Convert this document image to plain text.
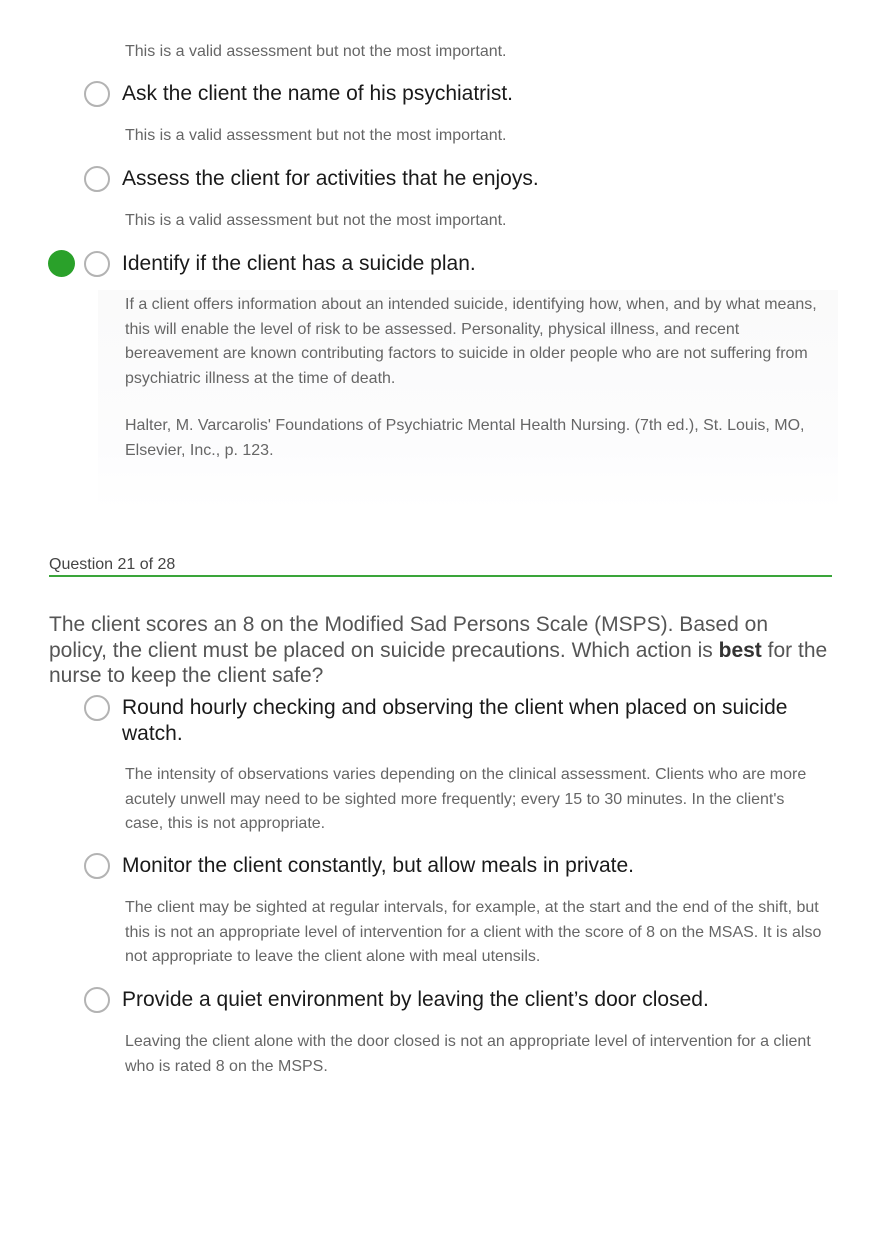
This is a valid assessment but not the most important.
Ask the client the name of his psychiatrist.
This is a valid assessment but not the most important.
Assess the client for activities that he enjoys.
This is a valid assessment but not the most important.
Identify if the client has a suicide plan.
If a client offers information about an intended suicide, identifying how, when, and by what means, this will enable the level of risk to be assessed. Personality, physical illness, and recent bereavement are known contributing factors to suicide in older people who are not suffering from psychiatric illness at the time of death.
Halter, M. Varcarolis' Foundations of Psychiatric Mental Health Nursing. (7th ed.), St. Louis, MO, Elsevier, Inc., p. 123.
Question 21 of 28
The client scores an 8 on the Modified Sad Persons Scale (MSPS). Based on policy, the client must be placed on suicide precautions. Which action is best for the nurse to keep the client safe?
Round hourly checking and observing the client when placed on suicide watch.
The intensity of observations varies depending on the clinical assessment. Clients who are more acutely unwell may need to be sighted more frequently; every 15 to 30 minutes. In the client's case, this is not appropriate.
Monitor the client constantly, but allow meals in private.
The client may be sighted at regular intervals, for example, at the start and the end of the shift, but this is not an appropriate level of intervention for a client with the score of 8 on the MSAS. It is also not appropriate to leave the client alone with meal utensils.
Provide a quiet environment by leaving the client’s door closed.
Leaving the client alone with the door closed is not an appropriate level of intervention for a client who is rated 8 on the MSPS.
